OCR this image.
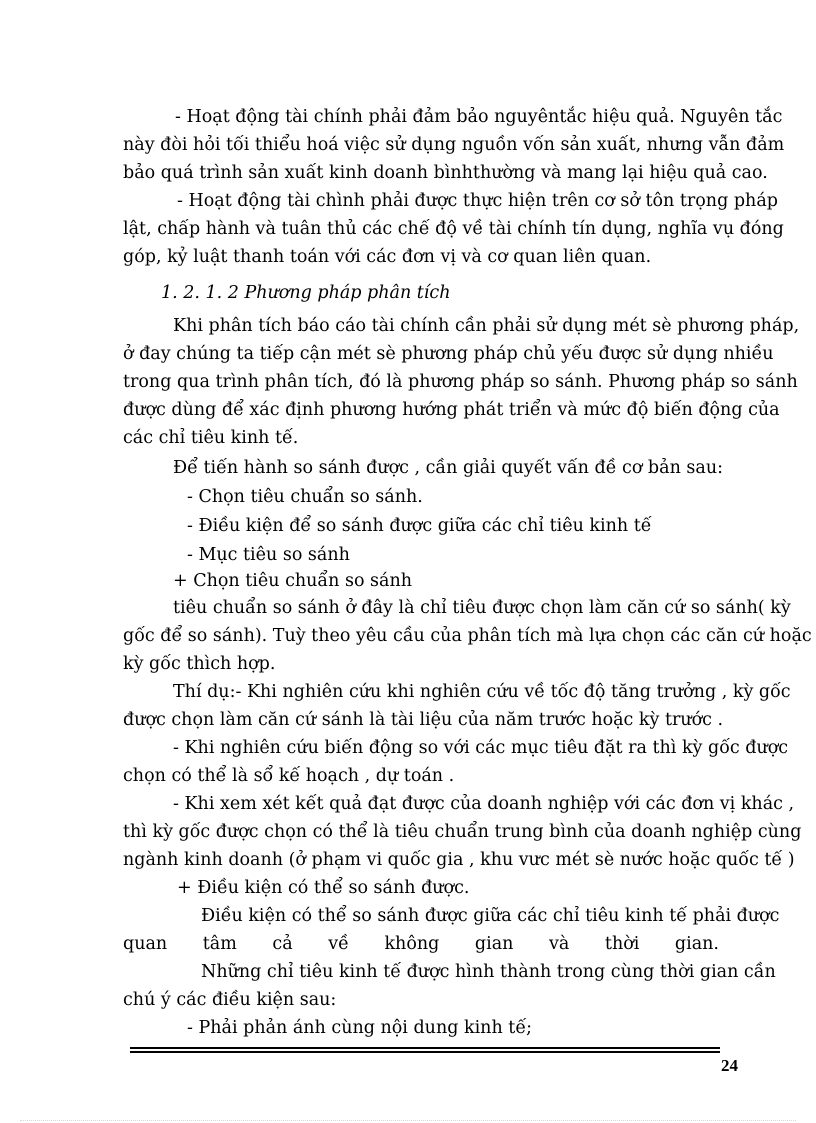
- Hoạt động tài chính phải đảm bảo nguyêntắc hiệu quả. Nguyên tắc
này đòi hỏi tối thiểu hoá việc sử dụng nguồn vốn sản xuất, nhưng vẫn đảm
bảo quá trình sản xuất kinh doanh bìnhthường và mang lại hiệu quả cao.
- Hoạt động tài chình phải được thực hiện trên cơ sở tôn trọng pháp
lật, chấp hành và tuân thủ các chế độ về tài chính tín dụng, nghĩa vụ đóng
góp, kỷ luật thanh toán với các đơn vị và cơ quan liên quan.
1. 2. 1. 2 Phương pháp phân tích
Khi phân tích báo cáo tài chính cần phải sử dụng mét sè phương pháp,
ở đay chúng ta tiếp cận mét sè phương pháp chủ yếu được sử dụng nhiều
trong qua trình phân tích, đó là phương pháp so sánh. Phương pháp so sánh
được dùng để xác định phương hướng phát triển và mức độ biến động của
các chỉ tiêu kinh tế.
Để tiến hành so sánh được , cần giải quyết vấn đề cơ bản sau:
- Chọn tiêu chuẩn so sánh.
- Điều kiện để so sánh được giữa các chỉ tiêu kinh tế
- Mục tiêu so sánh
+ Chọn tiêu chuẩn so sánh
tiêu chuẩn so sánh ở đây là chỉ tiêu được chọn làm căn cứ so sánh( kỳ
gốc để so sánh). Tuỳ theo yêu cầu của phân tích mà lựa chọn các căn cứ hoặc
kỳ gốc thìch hợp.
Thí dụ:- Khi nghiên cứu khi nghiên cứu về tốc độ tăng trưởng , kỳ gốc
được chọn làm căn cứ sánh là tài liệu của năm trước hoặc kỳ trước .
- Khi nghiên cứu biến động so với các mục tiêu đặt ra thì kỳ gốc được
chọn có thể là sổ kế hoạch , dự toán .
- Khi xem xét kết quả đạt được của doanh nghiệp với các đơn vị khác ,
thì kỳ gốc được chọn có thể là tiêu chuẩn trung bình của doanh nghiệp cùng
ngành kinh doanh (ở phạm vi quốc gia , khu vưc mét sè nước hoặc quốc tế )
+ Điều kiện có thể so sánh được.
Điều kiện có thể so sánh được giữa các chỉ tiêu kinh tế phải được
quan tâm cả về không gian và thời gian.
Những chỉ tiêu kinh tế được hình thành trong cùng thời gian cần
chú ý các điều kiện sau:
- Phải phản ánh cùng nội dung kinh tế;
24
